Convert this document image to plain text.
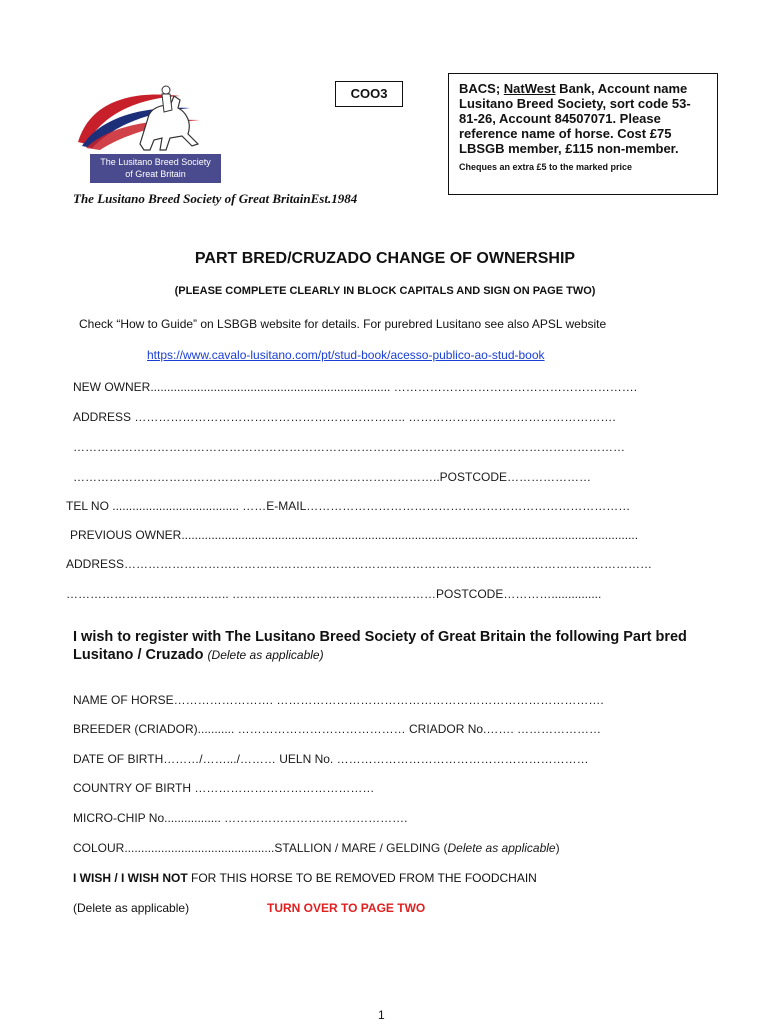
The Lusitano Breed Society
of Great Britain
The Lusitano Breed Society of Great BritainEst.1984
COO3	BACS; NatWest Bank, Account name Lusitano Breed Society, sort code 53-81-26, Account 84507071. Please reference name of horse. Cost £75 LBSGB member, £115 non-member. Cheques an extra £5 to the marked price
PART BRED/CRUZADO CHANGE OF OWNERSHIP
(PLEASE COMPLETE CLEARLY IN BLOCK CAPITALS AND SIGN ON PAGE TWO)
Check “How to Guide” on LSBGB website for details. For purebred Lusitano see also APSL website
https://www.cavalo-lusitano.com/pt/stud-book/acesso-publico-ao-stud-book
NEW OWNER........................................................................ …………………………………………………….
ADDRESS ………………………………………………………….. …………………………………………….
…………………………………………………………………………………………………………………………
………………………………………………………………………………..POSTCODE…………………
TEL NO ...................................... ……E-MAIL………………………………………………………………………
PREVIOUS OWNER.........................................................................................................................................
ADDRESS……………………………………………………………………………………………………………………
………………………………….. ……………………………………………POSTCODE…………...............
I wish to register with The Lusitano Breed Society of Great Britain the following Part bred Lusitano / Cruzado (Delete as applicable)
NAME OF HORSE……………………. ……………………………………………………………………….
BREEDER (CRIADOR)........... …………………………………… CRIADOR No.……. …………………
DATE OF BIRTH………/…….../……… UELN No. ………………………………………………………
COUNTRY OF BIRTH ………………………………………
MICRO-CHIP No................. ……………………………………….
COLOUR.............................................STALLION / MARE / GELDING (Delete as applicable)
I WISH / I WISH NOT FOR THIS HORSE TO BE REMOVED FROM THE FOODCHAIN
(Delete as applicable)	TURN OVER TO PAGE TWO
1
